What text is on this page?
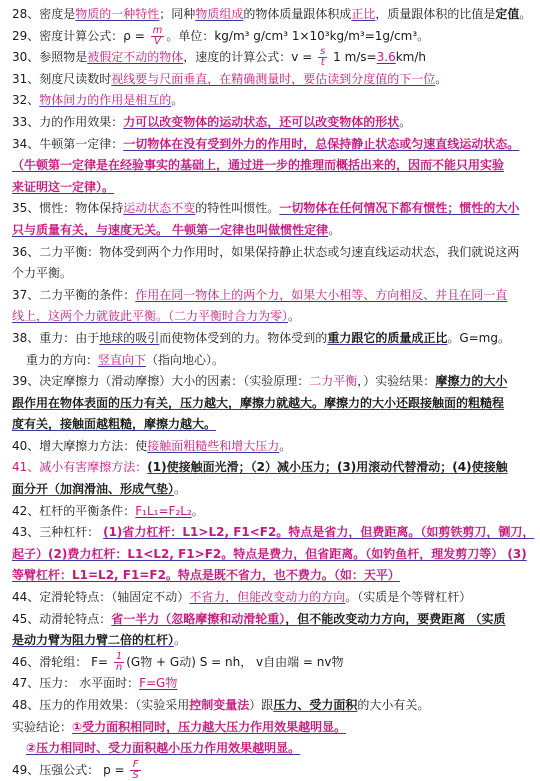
28、密度是物质的一种特性；同种物质组成的物体质量跟体积成正比，质量跟体积的比值是定值。
29、密度计算公式：$\rho = \frac{m}{V}$ 。单位：kg/m³ g/cm³ 1×10³kg/m³=1g/cm³。
30、参照物是被假定不动的物体，速度的计算公式：$v = \frac{s}{t} 1$ m/s=3.6km/h
31、刻度尺读数时视线要与尺面垂直，在精确测量时，要估读到分度值的下一位。
32、物体间力的作用是相互的。
33、力的作用效果：力可以改变物体的运动状态，还可以改变物体的形状。
34、牛顿第一定律：一切物体在没有受到外力的作用时，总保持静止状态或匀速直线运动状态。
（牛顿第一定律是在经验事实的基础上，通过进一步的推理而概括出来的，因而不能只用实验
来证明这一定律）。
35、惯性：物体保持运动状态不变的特性叫惯性。一切物体在任何情况下都有惯性；惯性的大小
只与质量有关，与速度无关。 牛顿第一定律也叫做惯性定律。
36、二力平衡：物体受到两个力作用时，如果保持静止状态或匀速直线运动状态，我们就说这两
个力平衡。
37、二力平衡的条件：作用在同一物体上的两个力，如果大小相等、方向相反、并且在同一直
线上，这两个力就彼此平衡。（二力平衡时合力为零）。
38、重力：由于地球的吸引而使物体受到的力。物体受到的重力跟它的质量成正比。G=mg。
重力的方向：竖直向下（指向地心）。
39、决定摩擦力（滑动摩擦）大小的因素：（实验原理：二力平衡，）实验结果：摩擦力的大小
跟作用在物体表面的压力有关，压力越大，摩擦力就越大。摩擦力的大小还跟接触面的粗糙程
度有关，接触面越粗糙，摩擦力越大。
40、增大摩擦力方法：使接触面粗糙些和增大压力。
41、减小有害摩擦方法：(1)使接触面光滑；（2）减小压力；(3)用滚动代替滑动；(4)使接触
面分开（加润滑油、形成气垫）。
42、杠杆的平衡条件：F₁L₁=F₂L₂。
43、三种杠杆： (1)省力杠杆：L1>L2, F1<F2。特点是省力，但费距离。（如剪铁剪刀，铡刀，
起子）(2)费力杠杆：L1<L2, F1>F2。特点是费力，但省距离。（如钓鱼杆，理发剪刀等） (3)
等臂杠杆：L1=L2, F1=F2。特点是既不省力，也不费力。（如：天平）
44、定滑轮特点：（轴固定不动）不省力，但能改变动力的方向。（实质是个等臂杠杆）
45、动滑轮特点：省一半力（忽略摩擦和动滑轮重），但不能改变动力方向，要费距离 （实质
是动力臂为阻力臂二倍的杠杆）。
46、滑轮组： $F= \frac{1}{n} (G$物 + G动) S = nh， v自由端 = nv物
47、压力： 水平面时：F=G物
48、压力的作用效果：（实验采用控制变量法）跟压力、受力面积的大小有关。
实验结论：①受力面积相同时，压力越大压力作用效果越明显。
②压力相同时、受力面积越小压力作用效果越明显。
49、压强公式： $p = \frac{F}{S}$
